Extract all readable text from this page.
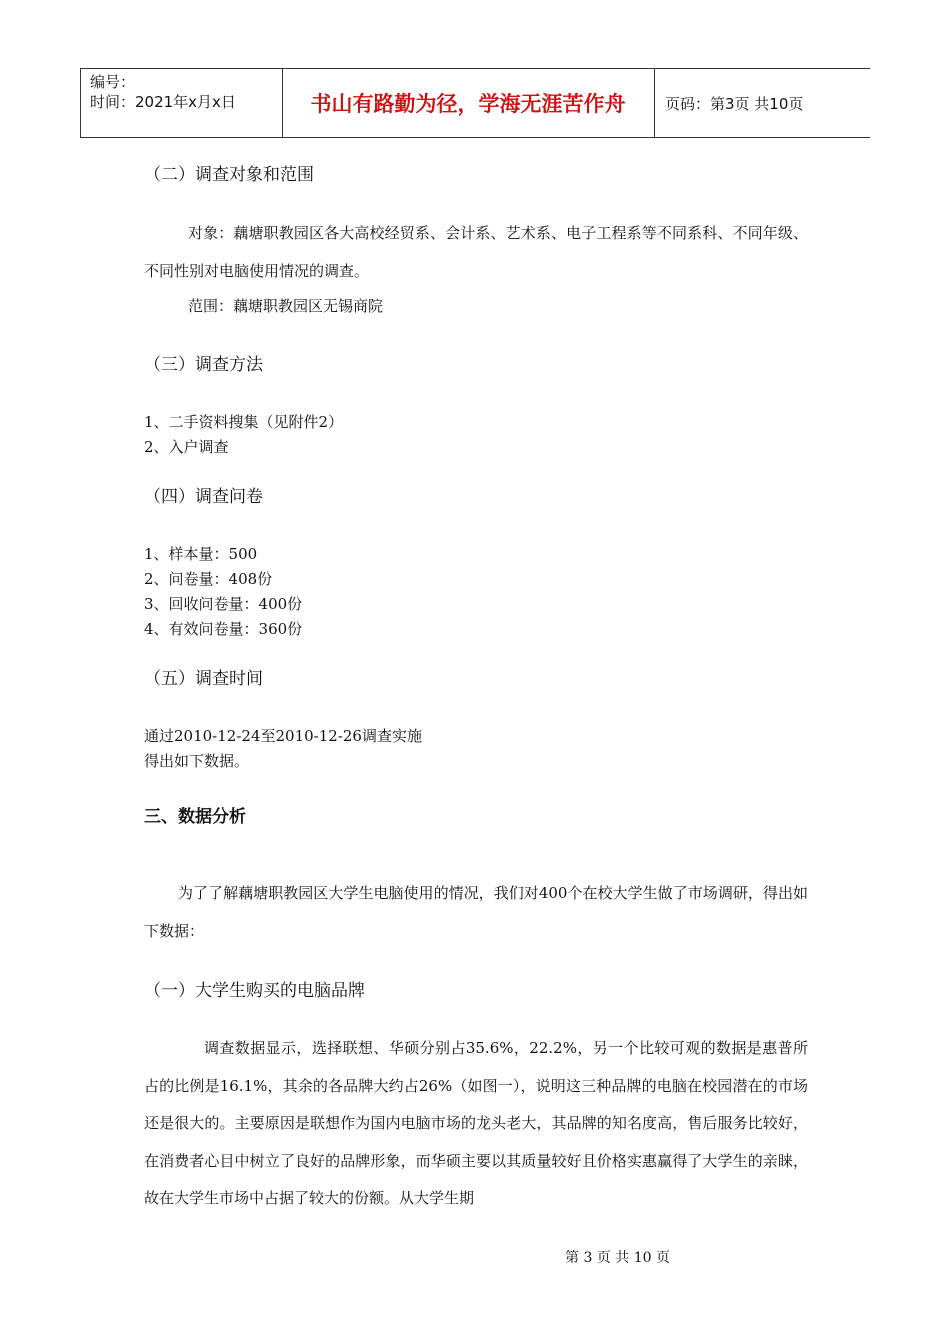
编号：
时间：2021年x月x日	书山有路勤为径，学海无涯苦作舟	页码：第3页 共10页
（二）调查对象和范围
对象：藕塘职教园区各大高校经贸系、会计系、艺术系、电子工程系等不同系科、不同年级、不同性别对电脑使用情况的调查。
范围：藕塘职教园区无锡商院
（三）调查方法
1、二手资料搜集（见附件2）
2、入户调查
（四）调查问卷
1、样本量：500
2、问卷量：408份
3、回收问卷量：400份
4、有效问卷量：360份
（五）调查时间
通过2010-12-24至2010-12-26调查实施
得出如下数据。
三、数据分析
为了了解藕塘职教园区大学生电脑使用的情况，我们对400个在校大学生做了市场调研，得出如下数据：
（一）大学生购买的电脑品牌
调查数据显示，选择联想、华硕分别占35.6%，22.2%，另一个比较可观的数据是惠普所占的比例是16.1%，其余的各品牌大约占26%（如图一），说明这三种品牌的电脑在校园潜在的市场还是很大的。主要原因是联想作为国内电脑市场的龙头老大，其品牌的知名度高，售后服务比较好，在消费者心目中树立了良好的品牌形象，而华硕主要以其质量较好且价格实惠赢得了大学生的亲睐，故在大学生市场中占据了较大的份额。从大学生期
第 3 页 共 10 页
